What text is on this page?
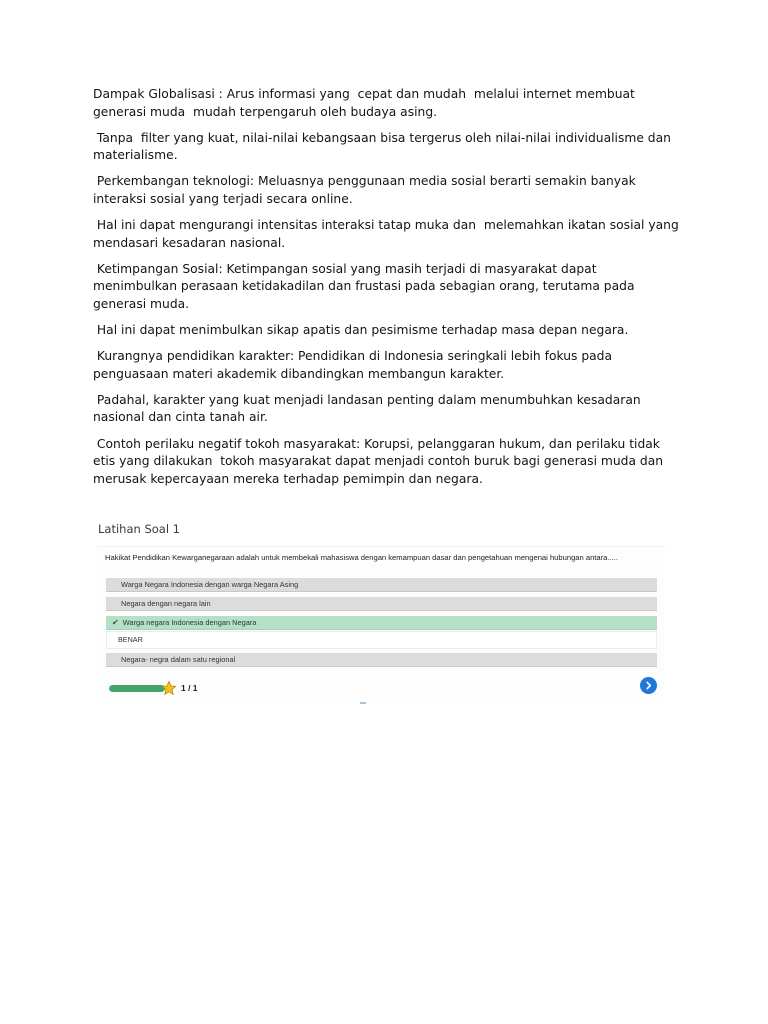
Dampak Globalisasi : Arus informasi yang  cepat dan mudah  melalui internet membuat generasi muda  mudah terpengaruh oleh budaya asing.

Tanpa  filter yang kuat, nilai-nilai kebangsaan bisa tergerus oleh nilai-nilai individualisme dan materialisme.

Perkembangan teknologi: Meluasnya penggunaan media sosial berarti semakin banyak interaksi sosial yang terjadi secara online.

Hal ini dapat mengurangi intensitas interaksi tatap muka dan  melemahkan ikatan sosial yang mendasari kesadaran nasional.

Ketimpangan Sosial: Ketimpangan sosial yang masih terjadi di masyarakat dapat menimbulkan perasaan ketidakadilan dan frustasi pada sebagian orang, terutama pada generasi muda.

Hal ini dapat menimbulkan sikap apatis dan pesimisme terhadap masa depan negara.

Kurangnya pendidikan karakter: Pendidikan di Indonesia seringkali lebih fokus pada penguasaan materi akademik dibandingkan membangun karakter.

Padahal, karakter yang kuat menjadi landasan penting dalam menumbuhkan kesadaran nasional dan cinta tanah air.

Contoh perilaku negatif tokoh masyarakat: Korupsi, pelanggaran hukum, dan perilaku tidak etis yang dilakukan  tokoh masyarakat dapat menjadi contoh buruk bagi generasi muda dan merusak kepercayaan mereka terhadap pemimpin dan negara.

Latihan Soal 1
Hakikat Pendidikan Kewarganegaraan adalah untuk membekali mahasiswa dengan kemampuan dasar dan pengetahuan mengenai hubungan antara.....
Warga Negara Indonesia dengan warga Negara Asing
Negara dengan negara lain
✔ Warga negara Indonesia dengan Negara
BENAR
Negara- negra dalam satu regional
1 / 1
